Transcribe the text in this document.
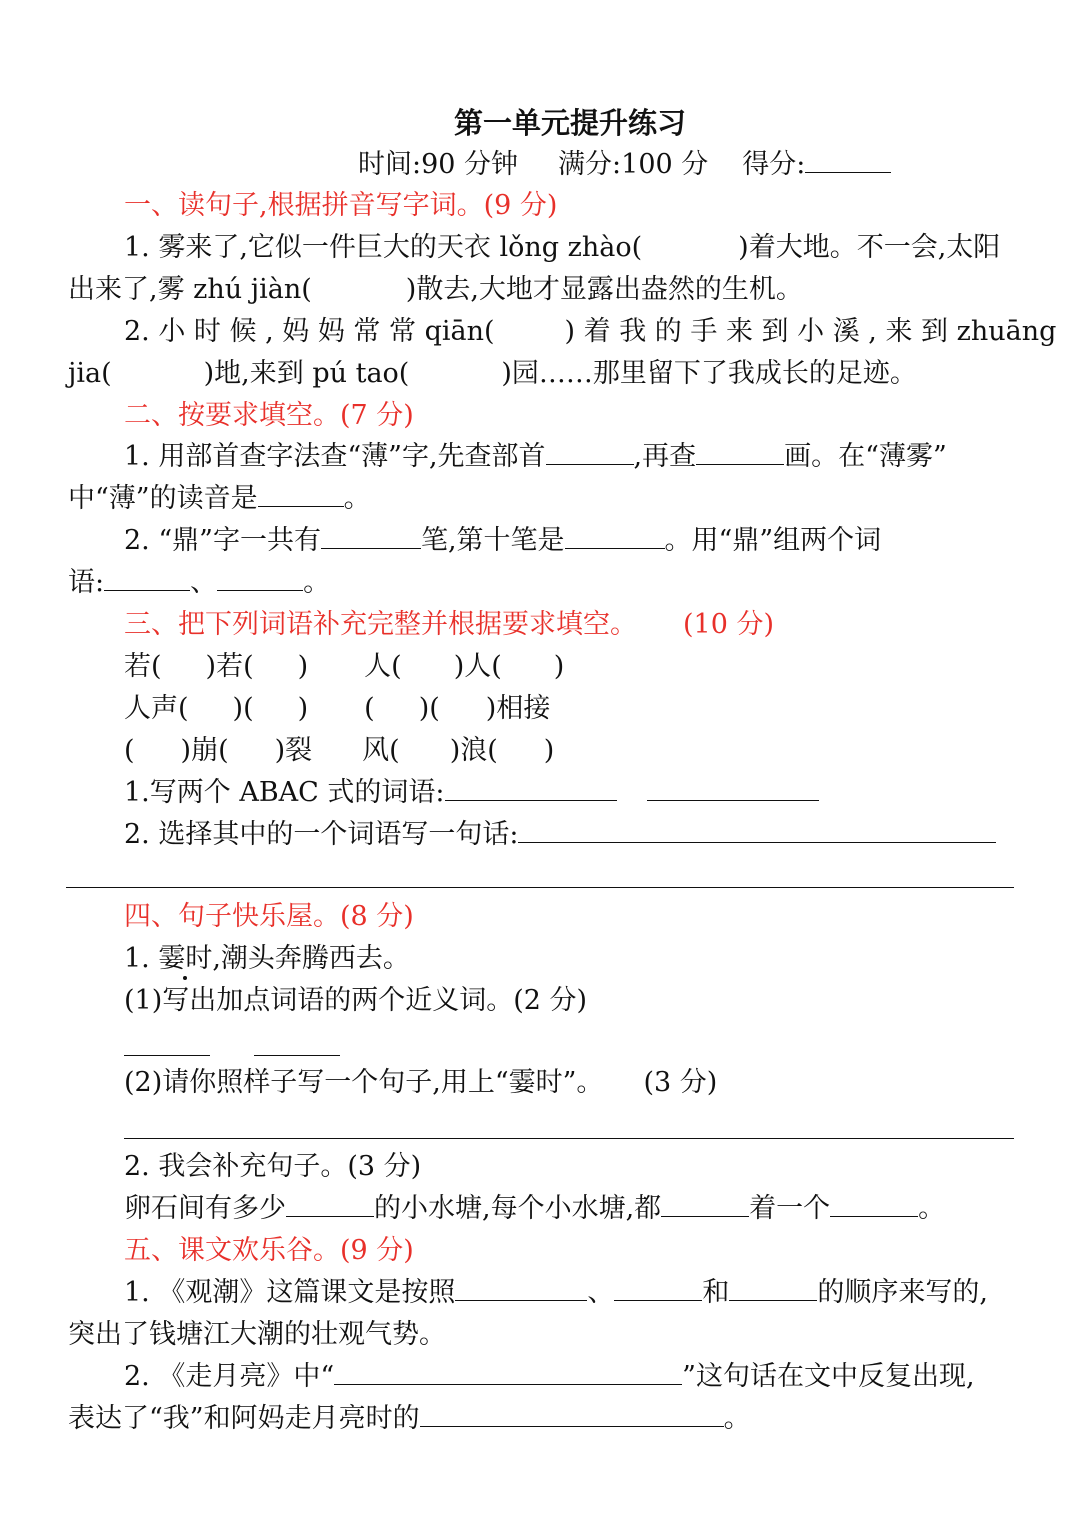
第一单元提升练习
时间:90 分钟 满分:100 分 得分:
一、读句子,根据拼音写字词。(9 分)
1. 雾来了,它似一件巨大的天衣 lǒng zhào(	)着大地。不一会,太阳
出来了,雾 zhú jiàn(	)散去,大地才显露出盎然的生机。
2. 小 时 候 , 妈 妈 常 常 qiān(	) 着 我 的 手 来 到 小 溪 , 来 到 zhuāng
jia(	)地,来到 pú tao(	)园……那里留下了我成长的足迹。
二、按要求填空。(7 分)
1. 用部首查字法查“薄”字,先查部首	,再查	画。在“薄雾”
中“薄”的读音是	。
2. “鼎”字一共有	笔,第十笔是	。用“鼎”组两个词
语:	、	。
三、把下列词语补充完整并根据要求填空。 (10 分)
若( )若( ) 人( )人( )
人声( )( ) ( )( )相接
( )崩( )裂 风( )浪( )
1.写两个 ABAC 式的词语:
2. 选择其中的一个词语写一句话:
四、句子快乐屋。(8 分)
1. 霎时,潮头奔腾西去。
(1)写出加点词语的两个近义词。(2 分)
(2)请你照样子写一个句子,用上“霎时”。 (3 分)
2. 我会补充句子。(3 分)
卵石间有多少	的小水塘,每个小水塘,都	着一个	。
五、课文欢乐谷。(9 分)
1. 《观潮》这篇课文是按照	、	和	的顺序来写的,
突出了钱塘江大潮的壮观气势。
2. 《走月亮》中“	”这句话在文中反复出现,
表达了“我”和阿妈走月亮时的	。
